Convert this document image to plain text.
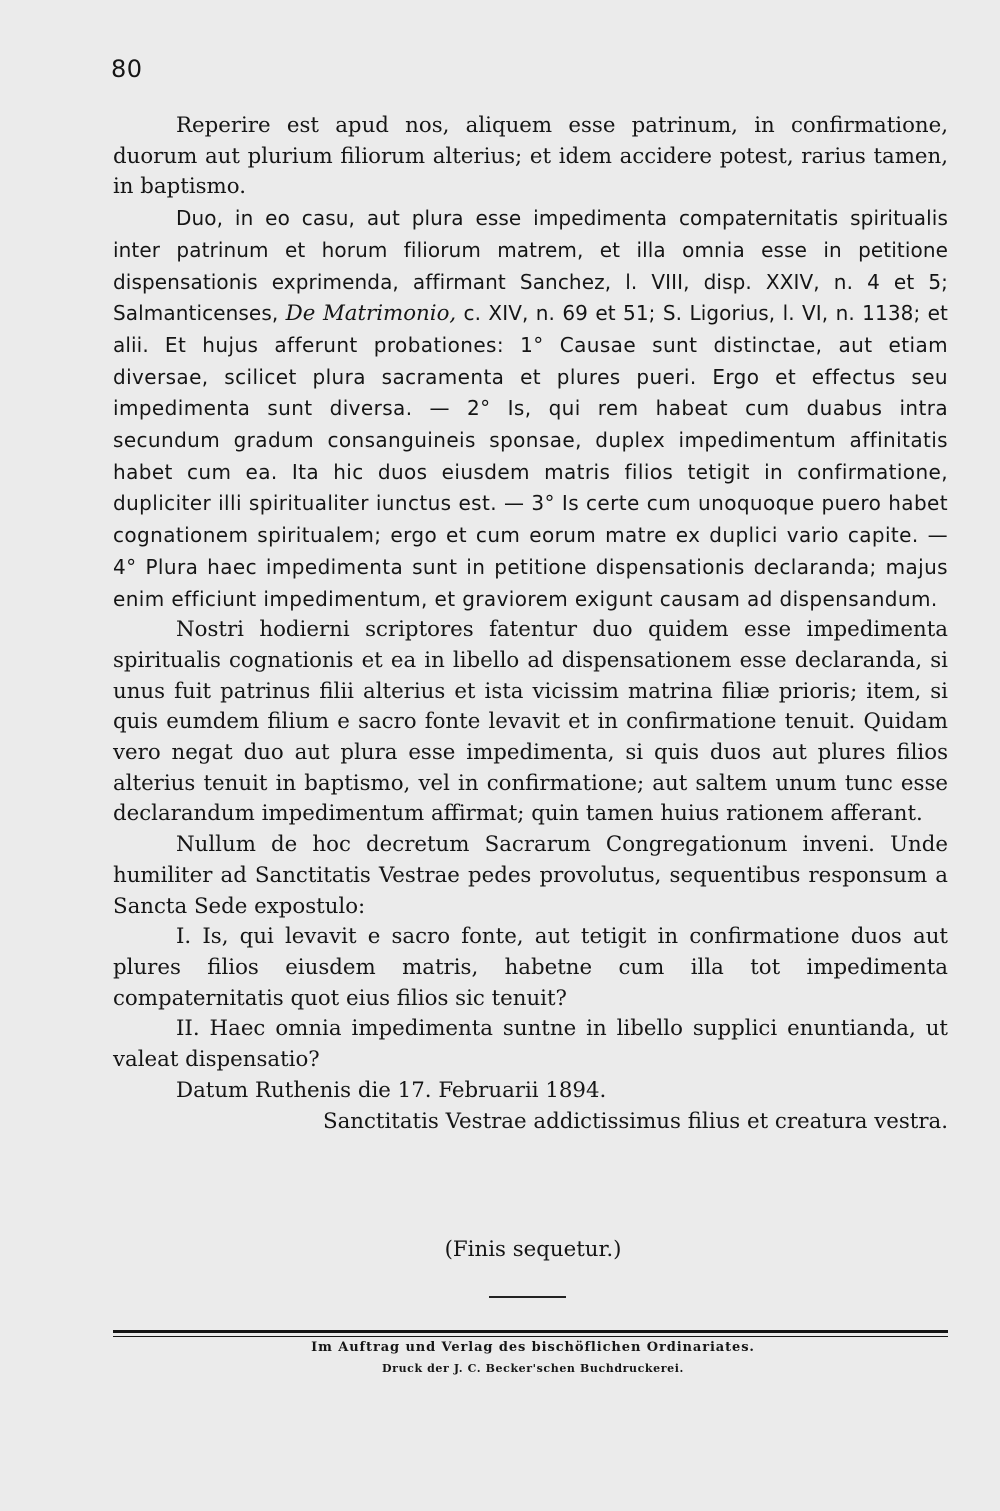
80

Reperire est apud nos, aliquem esse patrinum, in confirmatione, duorum aut plurium filiorum alterius; et idem accidere potest, rarius tamen, in baptismo.

Duo, in eo casu, aut plura esse impedimenta compaternitatis spiritualis inter patrinum et horum filiorum matrem, et illa omnia esse in petitione dispensationis exprimenda, affirmant Sanchez, l. VIII, disp. XXIV, n. 4 et 5; Salmanticenses, De Matrimonio, c. XIV, n. 69 et 51; S. Ligorius, l. VI, n. 1138; et alii. Et hujus afferunt probationes: 1° Causae sunt distinctae, aut etiam diversae, scilicet plura sacramenta et plures pueri. Ergo et effectus seu impedimenta sunt diversa. — 2° Is, qui rem habeat cum duabus intra secundum gradum consanguineis sponsae, duplex impedimentum affinitatis habet cum ea. Ita hic duos eiusdem matris filios tetigit in confirmatione, dupliciter illi spiritualiter iunctus est. — 3° Is certe cum unoquoque puero habet cognationem spiritualem; ergo et cum eorum matre ex duplici vario capite. — 4° Plura haec impedimenta sunt in petitione dispensationis declaranda; majus enim efficiunt impedimentum, et graviorem exigunt causam ad dispensandum.

Nostri hodierni scriptores fatentur duo quidem esse impedimenta spiritualis cognationis et ea in libello ad dispensationem esse declaranda, si unus fuit patrinus filii alterius et ista vicissim matrina filiæ prioris; item, si quis eumdem filium e sacro fonte levavit et in confirmatione tenuit. Quidam vero negat duo aut plura esse impedimenta, si quis duos aut plures filios alterius tenuit in baptismo, vel in confirmatione; aut saltem unum tunc esse declarandum impedimentum affirmat; quin tamen huius rationem afferant.

Nullum de hoc decretum Sacrarum Congregationum inveni. Unde humiliter ad Sanctitatis Vestrae pedes provolutus, sequentibus responsum a Sancta Sede expostulo:

I. Is, qui levavit e sacro fonte, aut tetigit in confirmatione duos aut plures filios eiusdem matris, habetne cum illa tot impedimenta compaternitatis quot eius filios sic tenuit?

II. Haec omnia impedimenta suntne in libello supplici enuntianda, ut valeat dispensatio?

Datum Ruthenis die 17. Februarii 1894.

Sanctitatis Vestrae addictissimus filius et creatura vestra.

(Finis sequetur.)
Im Auftrag und Verlag des bischöflichen Ordinariates.
Druck der J. C. Becker'schen Buchdruckerei.
